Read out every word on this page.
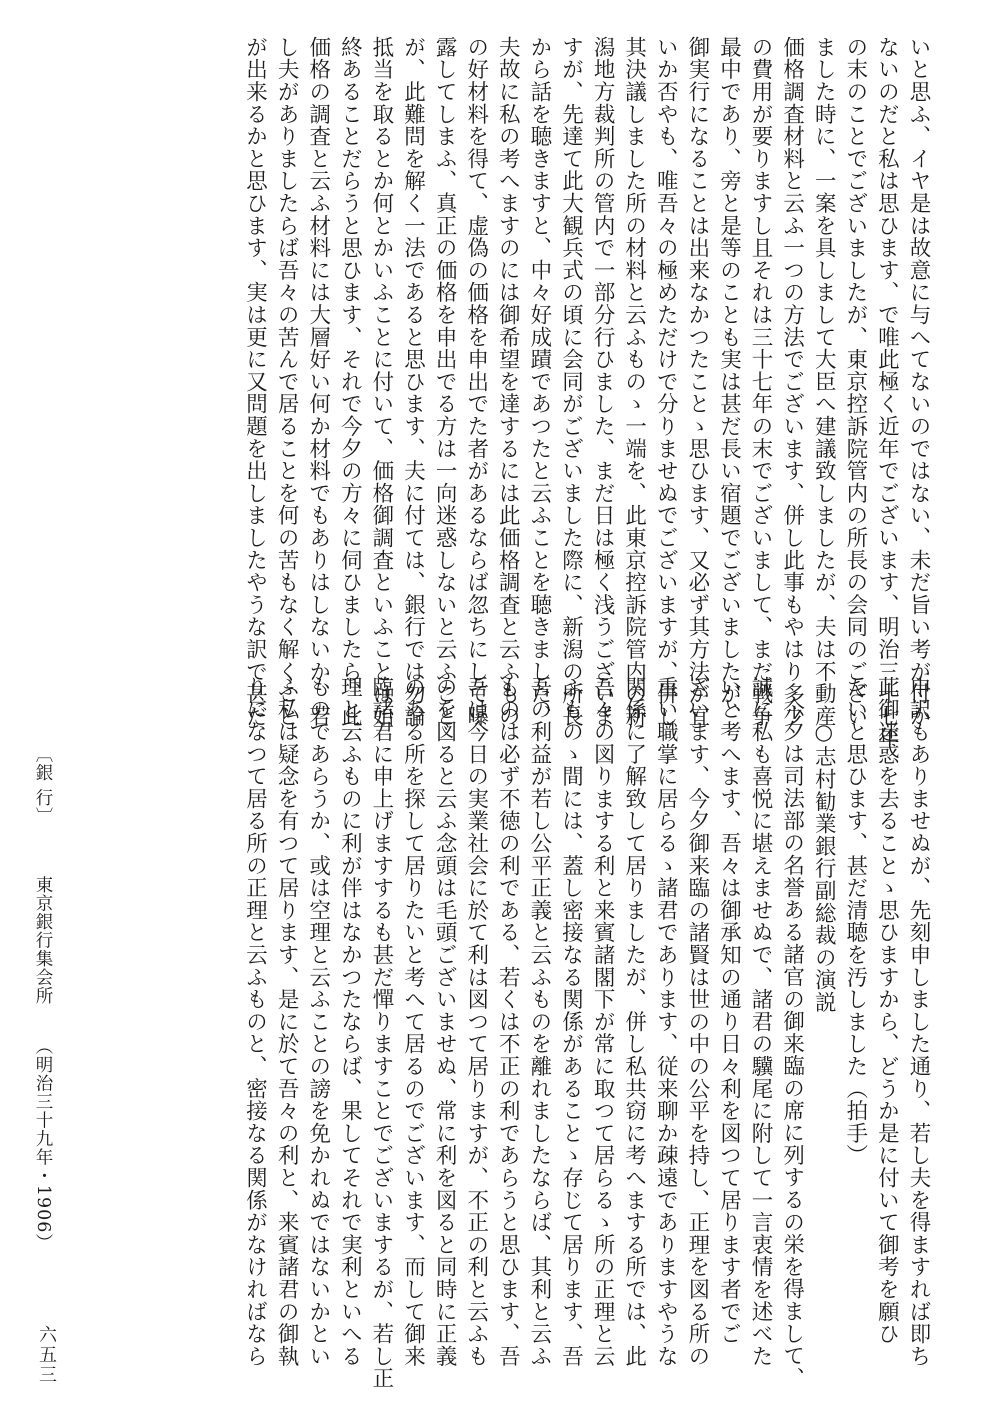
いと思ふ、イヤ是は故意に与へてないのではない、未だ旨い考が付か

ないのだと私は思ひます、で唯此極く近年でございます、明治三十七年

の末のことでございましたが、東京控訴院管内の所長の会同のござい

ました時に、一案を具しまして大臣へ建議致しましたが、夫は不動産

価格調査材料と云ふ一つの方法でございます、併し此事もやはり多少

の費用が要りますし且それは三十七年の末でございまして、まだ戦争

最中であり、旁と是等のことも実は甚だ長い宿題でございましたが、

御実行になることは出来なかつたことゝ思ひます、又必ず其方法が宜

いか否やも、唯吾々の極めただけで分りませぬでございますが、併し

其決議しました所の材料と云ふものゝ一端を、此東京控訴院管内の新

潟地方裁判所の管内で一部分行ひました、まだ日は極く浅うございま

すが、先達て此大観兵式の頃に会同がございました際に、新潟の所長

から話を聴きますと、中々好成蹟であつたと云ふことを聴きました、

夫故に私の考へますのには御希望を達するには此価格調査と云ふもの

の好材料を得て、虚偽の価格を申出でた者があるならば忽ちにして曝

露してしまふ、真正の価格を申出でる方は一向迷惑しないと云ふこと

が、此難問を解く一法であると思ひます、夫に付ては、銀行では勿論

抵当を取るとか何とかいふことに付いて、価格御調査といふことは始

終あることだらうと思ひます、それで今夕の方々に伺ひましたら、此

価格の調査と云ふ材料には大層好い何か材料でもありはしないか、若

し夫がありましたらば吾々の苦んで居ることを何の苦もなく解くこと

が出来るかと思ひます、実は更に又問題を出しましたやうな訳で甚だ

申訳もありませぬが、先刻申しました通り、若し夫を得ますれば即ち

此御迷惑を去ることゝ思ひますから、どうか是に付いて御考を願ひ

たいと思ひます、甚だ清聴を汚しました（拍手）

○志村勧業銀行副総裁の演説

今夕は司法部の名誉ある諸官の御来臨の席に列するの栄を得まして、

誠に私も喜悦に堪えませぬで、諸君の驥尾に附して一言衷情を述べた

いと考へます、吾々は御承知の通り日々利を図つて居ります者でご

ざいます、今夕御来臨の諸賢は世の中の公平を持し、正理を図る所の

重い職掌に居らるゝ諸君であります、従来聊か疎遠でありますやうな

関係に了解致して居りましたが、併し私共窃に考へまする所では、此

吾々の図りまする利と来賓諸閣下が常に取つて居らるゝ所の正理と云

ふものゝ間には、蓋し密接なる関係があることゝ存じて居ります、吾

吾の利益が若し公平正義と云ふものを離れましたならば、其利と云ふ

ものは必ず不徳の利である、若くは不正の利であらうと思ひます、吾

吾は今日の実業社会に於て利は図つて居りますが、不正の利と云ふも

のを図ると云ふ念頭は毛頭ございませぬ、常に利を図ると同時に正義

のある所を探して居りたいと考へて居るのでございます、而して御来

臨諸君に申上げますするも甚だ憚りますことでございまするが、若し正

理と云ふものに利が伴はなかつたならば、果してそれで実利といへる

ものであらうか、或は空理と云ふことの謗を免かれぬではないかとい

ふ私は疑念を有つて居ります、是に於て吾々の利と、来賓諸君の御執

りになつて居る所の正理と云ふものと、密接なる関係がなければなら

〔銀 行〕 　　 東京銀行集会所 　 （明治三十九年・1906）
六五三
